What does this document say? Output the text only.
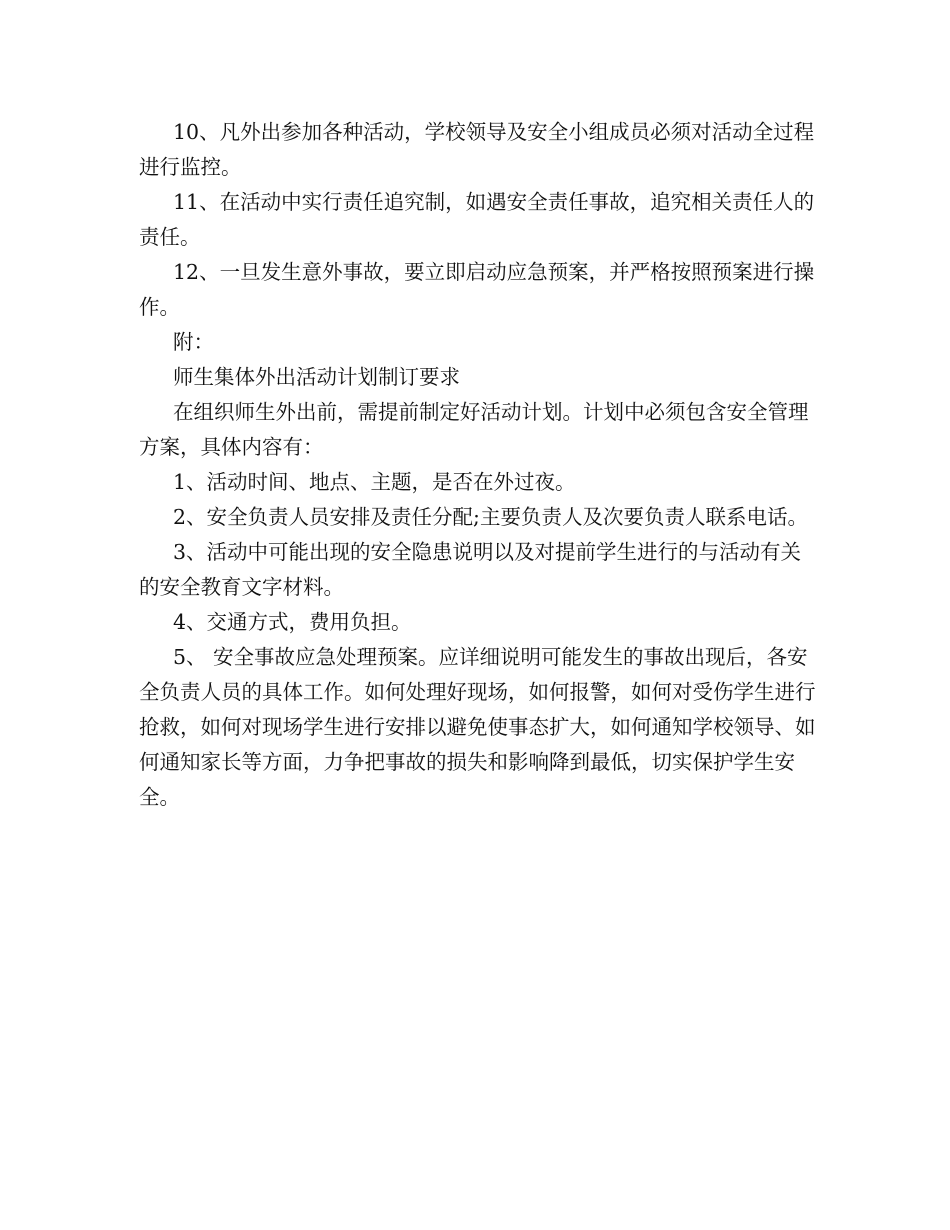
10、凡外出参加各种活动，学校领导及安全小组成员必须对活动全过程进行监控。

11、在活动中实行责任追究制，如遇安全责任事故，追究相关责任人的责任。

12、一旦发生意外事故，要立即启动应急预案，并严格按照预案进行操作。

附：

师生集体外出活动计划制订要求

在组织师生外出前，需提前制定好活动计划。计划中必须包含安全管理方案，具体内容有：

1、活动时间、地点、主题，是否在外过夜。

2、安全负责人员安排及责任分配;主要负责人及次要负责人联系电话。

3、活动中可能出现的安全隐患说明以及对提前学生进行的与活动有关的安全教育文字材料。

4、交通方式，费用负担。

5、 安全事故应急处理预案。应详细说明可能发生的事故出现后，各安全负责人员的具体工作。如何处理好现场，如何报警，如何对受伤学生进行抢救，如何对现场学生进行安排以避免使事态扩大，如何通知学校领导、如何通知家长等方面，力争把事故的损失和影响降到最低，切实保护学生安全。
